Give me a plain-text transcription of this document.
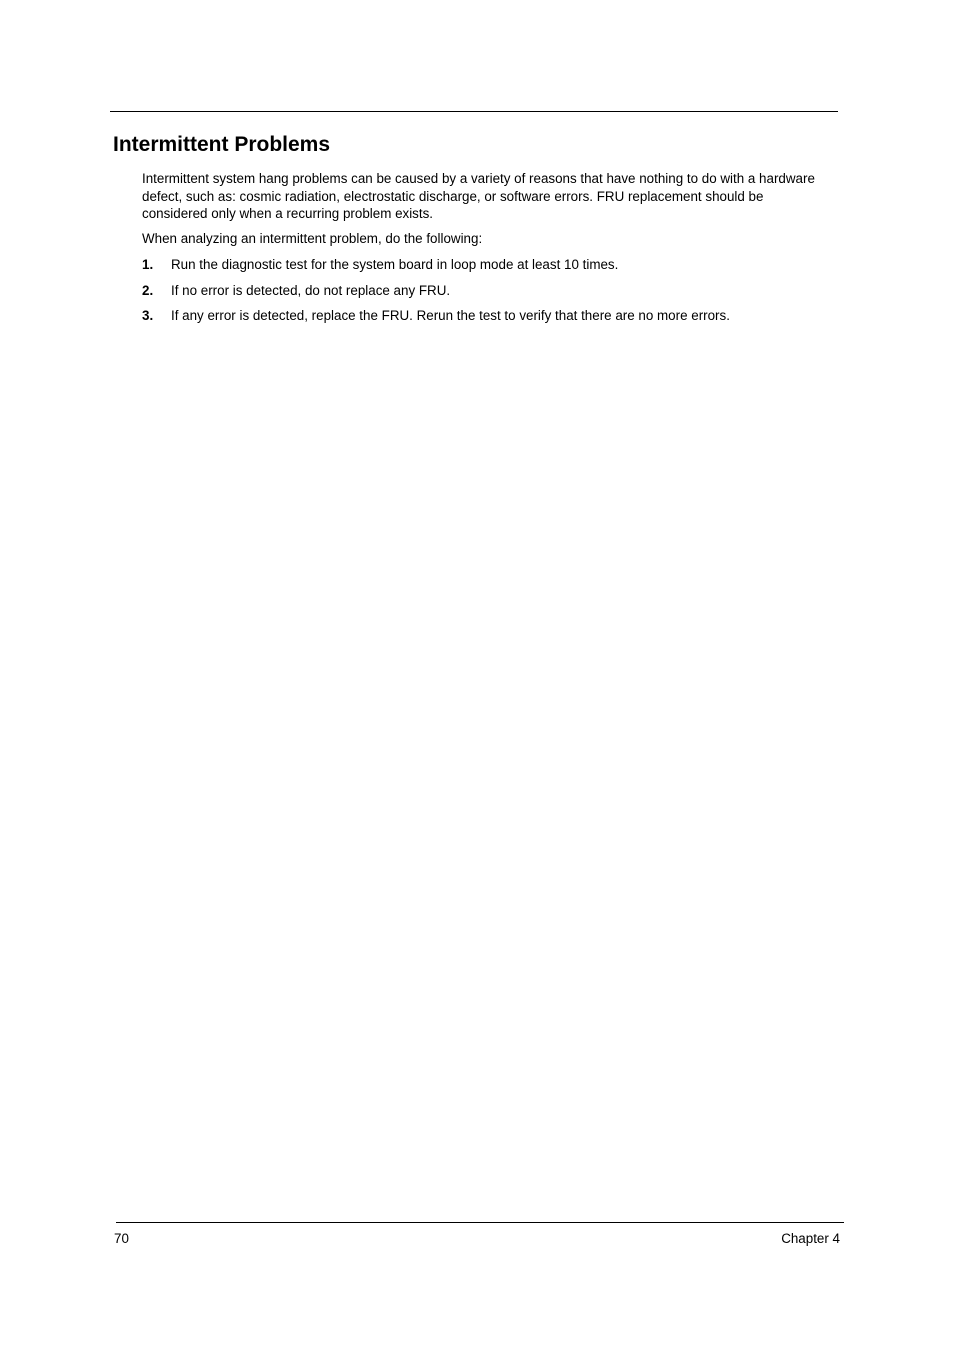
Intermittent Problems

Intermittent system hang problems can be caused by a variety of reasons that have nothing to do with a hardware defect, such as: cosmic radiation, electrostatic discharge, or software errors. FRU replacement should be considered only when a recurring problem exists.

When analyzing an intermittent problem, do the following:

1. Run the diagnostic test for the system board in loop mode at least 10 times.
2. If no error is detected, do not replace any FRU.
3. If any error is detected, replace the FRU. Rerun the test to verify that there are no more errors.
70	Chapter 4
